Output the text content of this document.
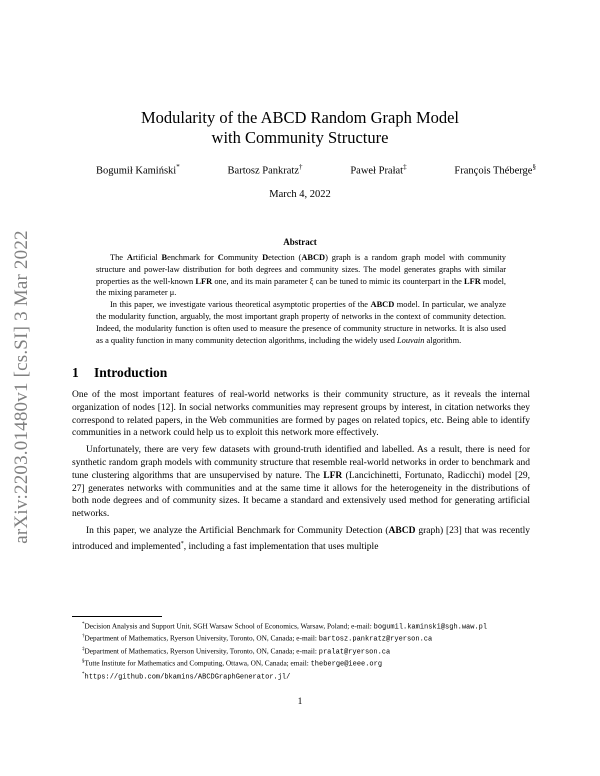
arXiv:2203.01480v1 [cs.SI] 3 Mar 2022
Modularity of the ABCD Random Graph Model
with Community Structure
Bogumił Kamiński*	Bartosz Pankratz†	Paweł Prałat‡	François Théberge§
March 4, 2022
Abstract

The Artificial Benchmark for Community Detection (ABCD) graph is a random graph model with community structure and power-law distribution for both degrees and community sizes. The model generates graphs with similar properties as the well-known LFR one, and its main parameter ξ can be tuned to mimic its counterpart in the LFR model, the mixing parameter μ.

In this paper, we investigate various theoretical asymptotic properties of the ABCD model. In particular, we analyze the modularity function, arguably, the most important graph property of networks in the context of community detection. Indeed, the modularity function is often used to measure the presence of community structure in networks. It is also used as a quality function in many community detection algorithms, including the widely used Louvain algorithm.

1 Introduction

One of the most important features of real-world networks is their community structure, as it reveals the internal organization of nodes [12]. In social networks communities may represent groups by interest, in citation networks they correspond to related papers, in the Web communities are formed by pages on related topics, etc. Being able to identify communities in a network could help us to exploit this network more effectively.

Unfortunately, there are very few datasets with ground-truth identified and labelled. As a result, there is need for synthetic random graph models with community structure that resemble real-world networks in order to benchmark and tune clustering algorithms that are unsupervised by nature. The LFR (Lancichinetti, Fortunato, Radicchi) model [29, 27] generates networks with communities and at the same time it allows for the heterogeneity in the distributions of both node degrees and of community sizes. It became a standard and extensively used method for generating artificial networks.

In this paper, we analyze the Artificial Benchmark for Community Detection (ABCD graph) [23] that was recently introduced and implemented*, including a fast implementation that uses multiple

*Decision Analysis and Support Unit, SGH Warsaw School of Economics, Warsaw, Poland; e-mail: bogumil.kaminski@sgh.waw.pl
†Department of Mathematics, Ryerson University, Toronto, ON, Canada; e-mail: bartosz.pankratz@ryerson.ca
‡Department of Mathematics, Ryerson University, Toronto, ON, Canada; e-mail: pralat@ryerson.ca
§Tutte Institute for Mathematics and Computing, Ottawa, ON, Canada; email: theberge@ieee.org
*https://github.com/bkamins/ABCDGraphGenerator.jl/
1
